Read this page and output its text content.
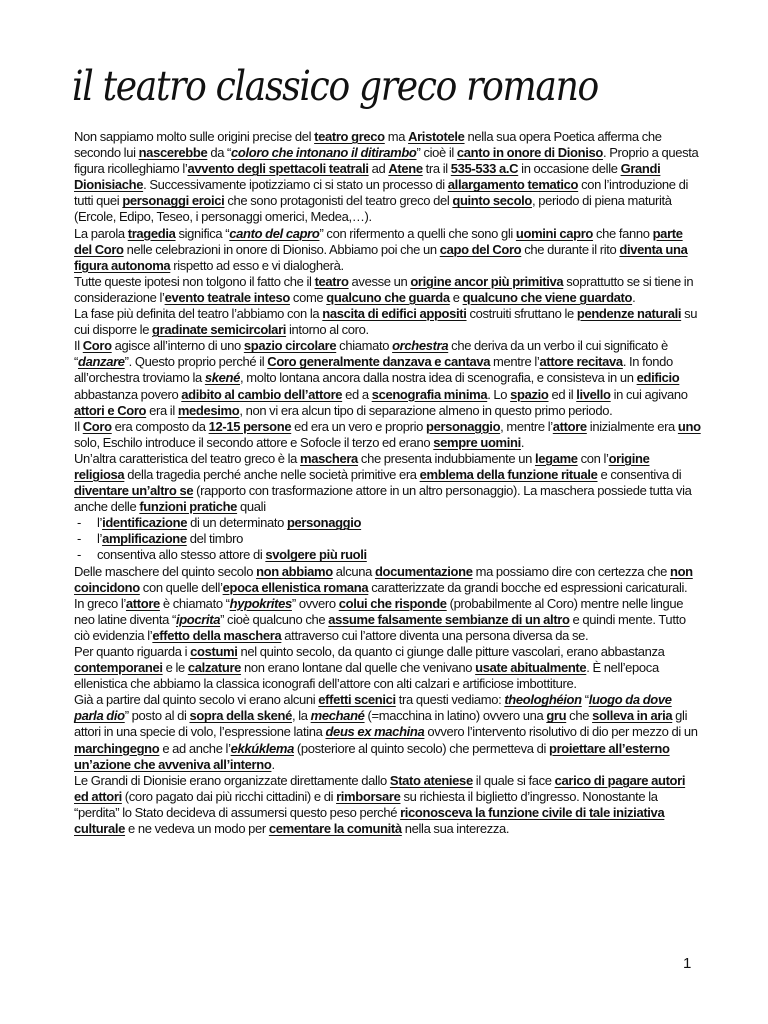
il teatro classico greco romano

Non sappiamo molto sulle origini precise del teatro greco ma Aristotele nella sua opera Poetica afferma che secondo lui nascerebbe da “coloro che intonano il ditirambo” cioè il canto in onore di Dioniso. Proprio a questa figura ricolleghiamo l’avvento degli spettacoli teatrali ad Atene tra il 535-533 a.C in occasione delle Grandi Dionisiache. Successivamente ipotizziamo ci si stato un processo di allargamento tematico con l’introduzione di tutti quei personaggi eroici che sono protagonisti del teatro greco del quinto secolo, periodo di piena maturità (Ercole, Edipo, Teseo, i personaggi omerici, Medea,…).

La parola tragedia significa “canto del capro” con rifermento a quelli che sono gli uomini capro che fanno parte del Coro nelle celebrazioni in onore di Dioniso. Abbiamo poi che un capo del Coro che durante il rito diventa una figura autonoma rispetto ad esso e vi dialogherà.

Tutte queste ipotesi non tolgono il fatto che il teatro avesse un origine ancor più primitiva soprattutto se si tiene in considerazione l’evento teatrale inteso come qualcuno che guarda e qualcuno che viene guardato.

La fase più definita del teatro l’abbiamo con la nascita di edifici appositi costruiti sfruttano le pendenze naturali su cui disporre le gradinate semicircolari intorno al coro.

Il Coro agisce all’interno di uno spazio circolare chiamato orchestra che deriva da un verbo il cui significato è “danzare”. Questo proprio perché il Coro generalmente danzava e cantava mentre l’attore recitava. In fondo all’orchestra troviamo la skené, molto lontana ancora dalla nostra idea di scenografia, e consisteva in un edificio abbastanza povero adibito al cambio dell’attore ed a scenografia minima. Lo spazio ed il livello in cui agivano attori e Coro era il medesimo, non vi era alcun tipo di separazione almeno in questo primo periodo.

Il Coro era composto da 12-15 persone ed era un vero e proprio personaggio, mentre l’attore inizialmente era uno solo, Eschilo introduce il secondo attore e Sofocle il terzo ed erano sempre uomini.

Un’altra caratteristica del teatro greco è la maschera che presenta indubbiamente un legame con l’origine religiosa della tragedia perché anche nelle società primitive era emblema della funzione rituale e consentiva di diventare un’altro se (rapporto con trasformazione attore in un altro personaggio). La maschera possiede tutta via anche delle funzioni pratiche quali

- l’identificazione di un determinato personaggio
- l’amplificazione del timbro
- consentiva allo stesso attore di svolgere più ruoli

Delle maschere del quinto secolo non abbiamo alcuna documentazione ma possiamo dire con certezza che non coincidono con quelle dell’epoca ellenistica romana caratterizzate da grandi bocche ed espressioni caricaturali.

In greco l’attore è chiamato “hypokrites” ovvero colui che risponde (probabilmente al Coro) mentre nelle lingue neo latine diventa “ipocrita” cioè qualcuno che assume falsamente sembianze di un altro e quindi mente. Tutto ciò evidenzia l’effetto della maschera attraverso cui l’attore diventa una persona diversa da se.

Per quanto riguarda i costumi nel quinto secolo, da quanto ci giunge dalle pitture vascolari, erano abbastanza contemporanei e le calzature non erano lontane dal quelle che venivano usate abitualmente. È nell’epoca ellenistica che abbiamo la classica iconografi dell’attore con alti calzari e artificiose imbottiture.

Già a partire dal quinto secolo vi erano alcuni effetti scenici tra questi vediamo: theologhéion “luogo da dove parla dio” posto al di sopra della skené, la mechané (=macchina in latino) ovvero una gru che solleva in aria gli attori in una specie di volo, l’espressione latina deus ex machina ovvero l’intervento risolutivo di dio per mezzo di un marchingegno e ad anche l’ekkúklema (posteriore al quinto secolo) che permetteva di proiettare all’esterno un’azione che avveniva all’interno.

Le Grandi di Dionisie erano organizzate direttamente dallo Stato ateniese il quale si face carico di pagare autori ed attori (coro pagato dai più ricchi cittadini) e di rimborsare su richiesta il biglietto d’ingresso. Nonostante la “perdita” lo Stato decideva di assumersi questo peso perché riconosceva la funzione civile di tale iniziativa culturale e ne vedeva un modo per cementare la comunità nella sua interezza.

1
